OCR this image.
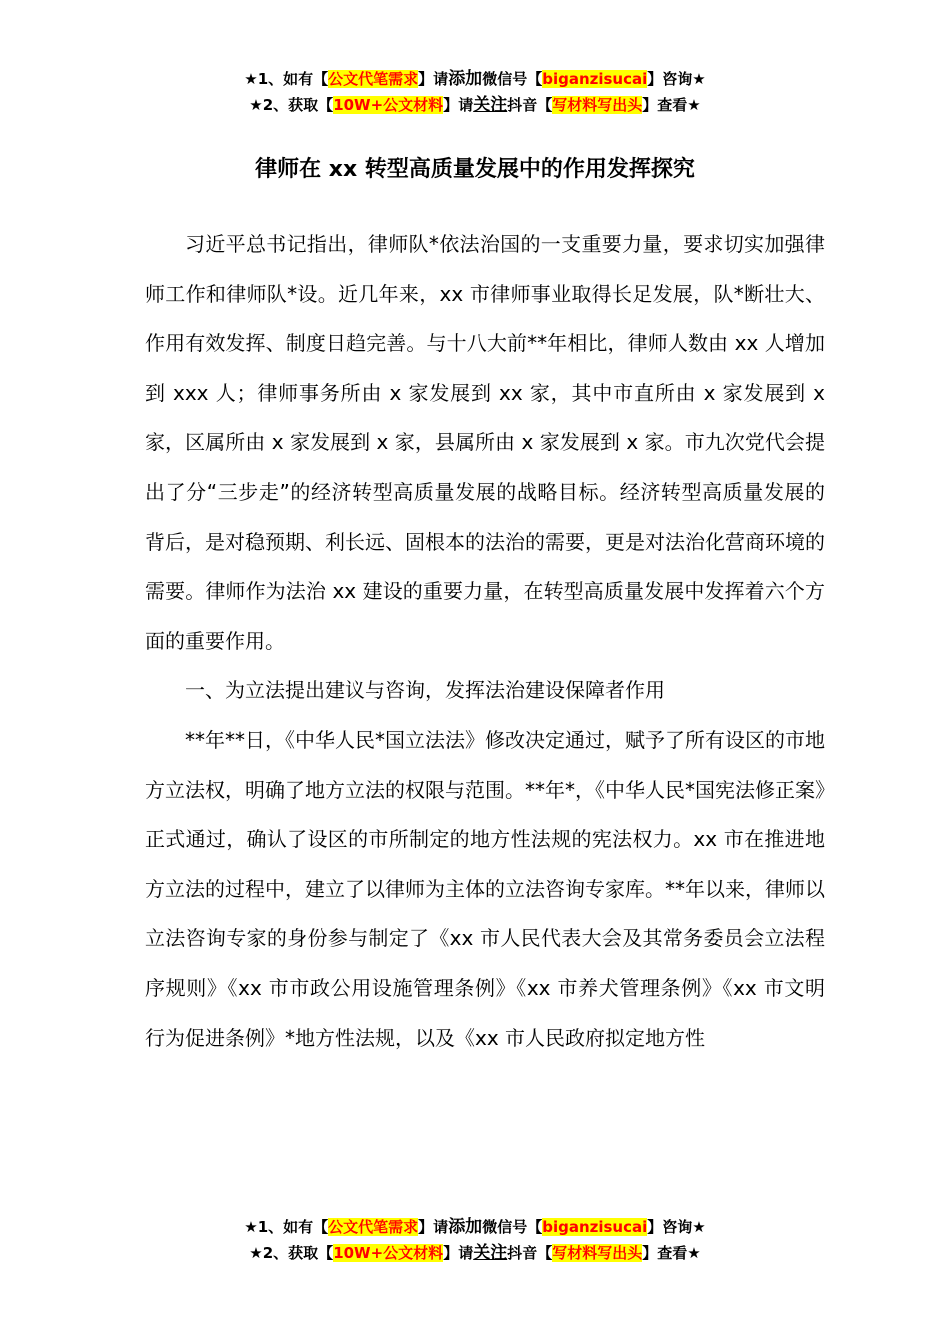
★1、如有【公文代笔需求】请添加微信号【biganzisucai】咨询★
★2、获取【10W+公文材料】请关注抖音【写材料写出头】查看★
律师在 xx 转型高质量发展中的作用发挥探究

习近平总书记指出，律师队*依法治国的一支重要力量，要求切实加强律师工作和律师队*设。近几年来，xx 市律师事业取得长足发展，队*断壮大、作用有效发挥、制度日趋完善。与十八大前**年相比，律师人数由 xx 人增加到 xxx 人；律师事务所由 x 家发展到 xx 家，其中市直所由 x 家发展到 x 家，区属所由 x 家发展到 x 家，县属所由 x 家发展到 x 家。市九次党代会提出了分“三步走”的经济转型高质量发展的战略目标。经济转型高质量发展的背后，是对稳预期、利长远、固根本的法治的需要，更是对法治化营商环境的需要。律师作为法治 xx 建设的重要力量，在转型高质量发展中发挥着六个方面的重要作用。

一、为立法提出建议与咨询，发挥法治建设保障者作用

**年**日，《中华人民*国立法法》修改决定通过，赋予了所有设区的市地方立法权，明确了地方立法的权限与范围。**年*，《中华人民*国宪法修正案》正式通过，确认了设区的市所制定的地方性法规的宪法权力。xx 市在推进地方立法的过程中，建立了以律师为主体的立法咨询专家库。**年以来，律师以立法咨询专家的身份参与制定了《xx 市人民代表大会及其常务委员会立法程序规则》《xx 市市政公用设施管理条例》《xx 市养犬管理条例》《xx 市文明行为促进条例》*地方性法规，以及《xx 市人民政府拟定地方性

★1、如有【公文代笔需求】请添加微信号【biganzisucai】咨询★
★2、获取【10W+公文材料】请关注抖音【写材料写出头】查看★
